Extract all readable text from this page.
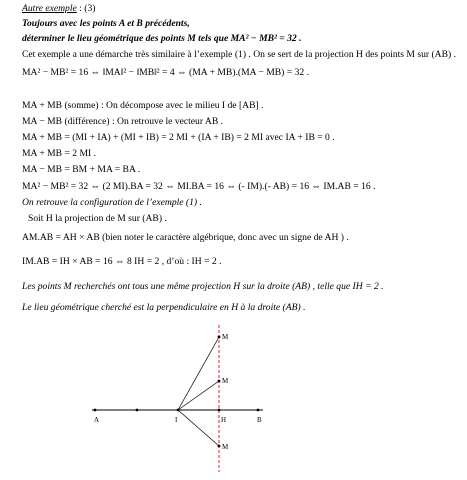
Autre exemple : (3)
Toujours avec les points A et B précédents,
déterminer le lieu géométrique des points M tels que MA² − MB² = 32 .
Cet exemple a une démarche très similaire à l’exemple (1) . On se sert de la projection H des points M sur (AB) .
MA² − MB² = 16 ⇔ ‖MA‖² − ‖MB‖² = 4 ⇔ (MA + MB).(MA − MB) = 32 .
MA + MB (somme) : On décompose avec le milieu I de [AB] .
MA − MB (différence) : On retrouve le vecteur AB .
MA + MB = (MI + IA) + (MI + IB) = 2 MI + (IA + IB) = 2 MI avec IA + IB = 0 .
MA + MB = 2 MI .
MA − MB = BM + MA = BA .
MA² − MB² = 32 ⇔ (2 MI).BA = 32 ⇔ MI.BA = 16 ⇔ (- IM).(- AB) = 16 ⇔ IM.AB = 16 .
On retrouve la configuration de l’exemple (1) .
Soit H la projection de M sur (AB) .
AM.AB = AH × AB (bien noter le caractère algébrique, donc avec un signe de AH ) .
IM.AB = IH × AB = 16 ⇔ 8 IH = 2 , d’où : IH = 2 .
Les points M recherchés ont tous une même projection H sur la droite (AB) , telle que IH = 2 .
Le lieu géométrique cherché est la perpendiculaire en H à la droite (AB) .
A	I	H	B
M
M
M
